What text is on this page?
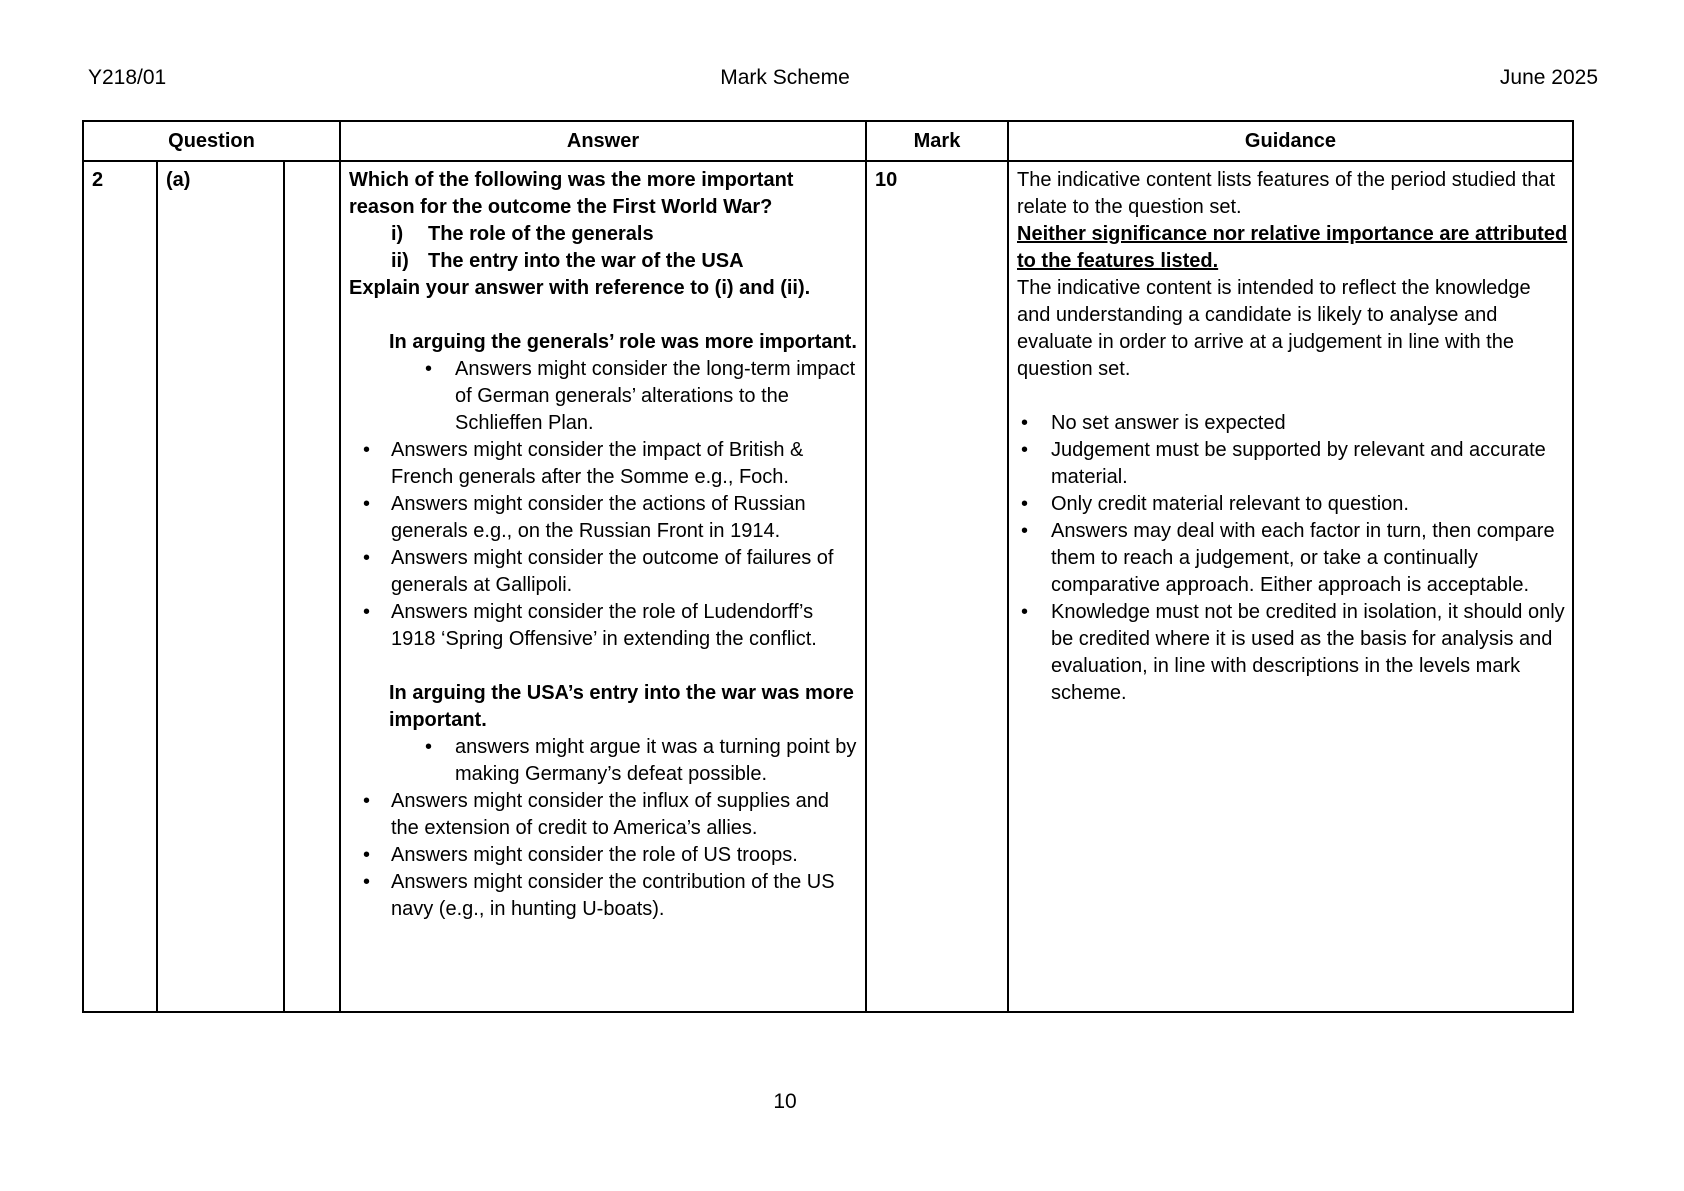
Y218/01	Mark Scheme	June 2025
Question			Answer	Mark	Guidance
2	(a)		Which of the following was the more important reason for the outcome the First World War?
i)	The role of the generals
ii) The entry into the war of the USA
Explain your answer with reference to (i) and (ii).
In arguing the generals’ role was more important.
•	Answers might consider the long-term impact of German generals’ alterations to the Schlieffen Plan.
•	Answers might consider the impact of British & French generals after the Somme e.g., Foch.
•	Answers might consider the actions of Russian generals e.g., on the Russian Front in 1914.
•	Answers might consider the outcome of failures of generals at Gallipoli.
•	Answers might consider the role of Ludendorff’s 1918 ‘Spring Offensive’ in extending the conflict.
In arguing the USA’s entry into the war was more important.
•	answers might argue it was a turning point by making Germany’s defeat possible.
•	Answers might consider the influx of supplies and the extension of credit to America’s allies.
•	Answers might consider the role of US troops.
•	Answers might consider the contribution of the US navy (e.g., in hunting U-boats).
	10	The indicative content lists features of the period studied that relate to the question set.
Neither significance nor relative importance are attributed to the features listed.
The indicative content is intended to reflect the knowledge and understanding a candidate is likely to analyse and evaluate in order to arrive at a judgement in line with the question set.
•	No set answer is expected
•	Judgement must be supported by relevant and accurate material.
•	Only credit material relevant to question.
•	Answers may deal with each factor in turn, then compare them to reach a judgement, or take a continually comparative approach. Either approach is acceptable.
•	Knowledge must not be credited in isolation, it should only be credited where it is used as the basis for analysis and evaluation, in line with descriptions in the levels mark scheme.
10
